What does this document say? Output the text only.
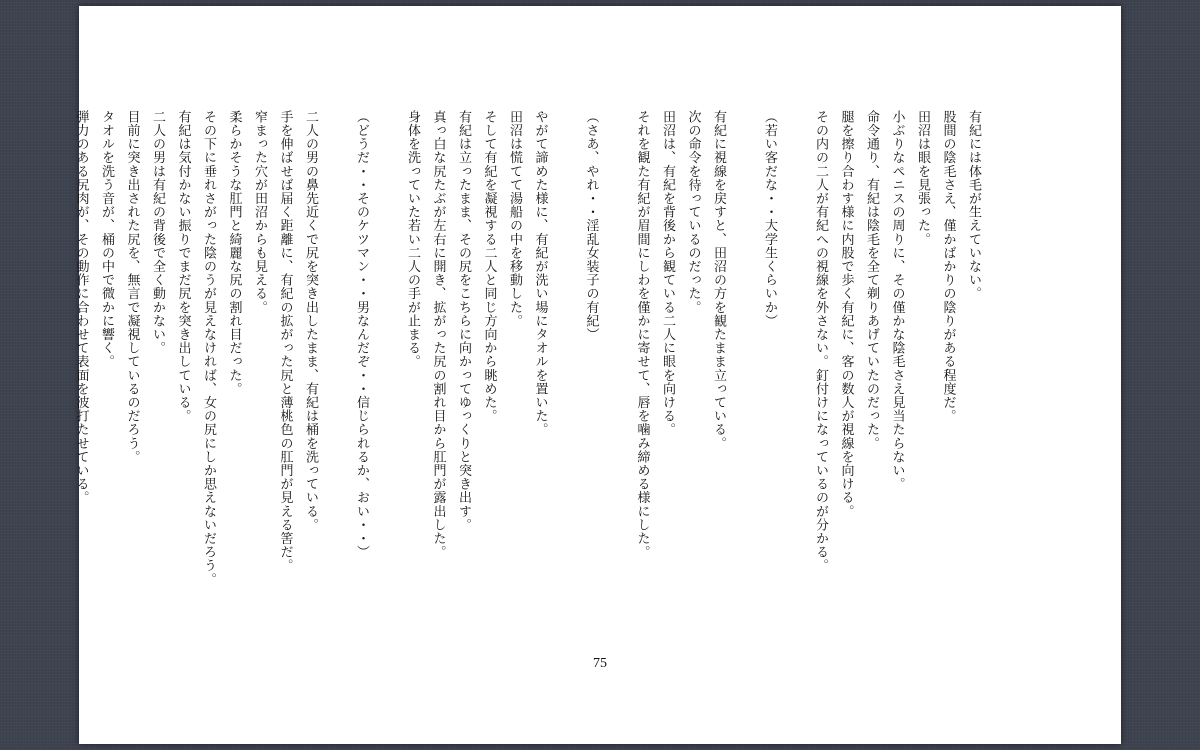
有紀には体毛が生えていない。
股間の陰毛さえ、僅かばかりの陰りがある程度だ。
田沼は眼を見張った。
小ぶりなペニスの周りに、その僅かな陰毛さえ見当たらない。
命令通り、有紀は陰毛を全て剃りあげていたのだった。
腿を擦り合わす様に内股で歩く有紀に、客の数人が視線を向ける。
その内の二人が有紀への視線を外さない。釘付けになっているのが分かる。
（若い客だな・・大学生くらいか）
有紀に視線を戻すと、田沼の方を観たまま立っている。
次の命令を待っているのだった。
田沼は、有紀を背後から観ている二人に眼を向ける。
それを観た有紀が眉間にしわを僅かに寄せて、唇を噛み締める様にした。
（さあ、やれ・・淫乱女装子の有紀）
やがて諦めた様に、有紀が洗い場にタオルを置いた。
田沼は慌てて湯船の中を移動した。
そして有紀を凝視する二人と同じ方向から眺めた。
有紀は立ったまま、その尻をこちらに向かってゆっくりと突き出す。
真っ白な尻たぶが左右に開き、拡がった尻の割れ目から肛門が露出した。
身体を洗っていた若い二人の手が止まる。
（どうだ・・そのケツマン・・男なんだぞ・・信じられるか、おい・・）
二人の男の鼻先近くで尻を突き出したまま、有紀は桶を洗っている。
手を伸ばせば届く距離に、有紀の拡がった尻と薄桃色の肛門が見える筈だ。
窄まった穴が田沼からも見える。
柔らかそうな肛門と綺麗な尻の割れ目だった。
その下に垂れさがった陰のうが見えなければ、女の尻にしか思えないだろう。
有紀は気付かない振りでまだ尻を突き出している。
二人の男は有紀の背後で全く動かない。
目前に突き出された尻を、無言で凝視しているのだろう。
タオルを洗う音が、桶の中で微かに響く。
弾力のある尻肉が、その動作に合わせて表面を波打たせている。
75
